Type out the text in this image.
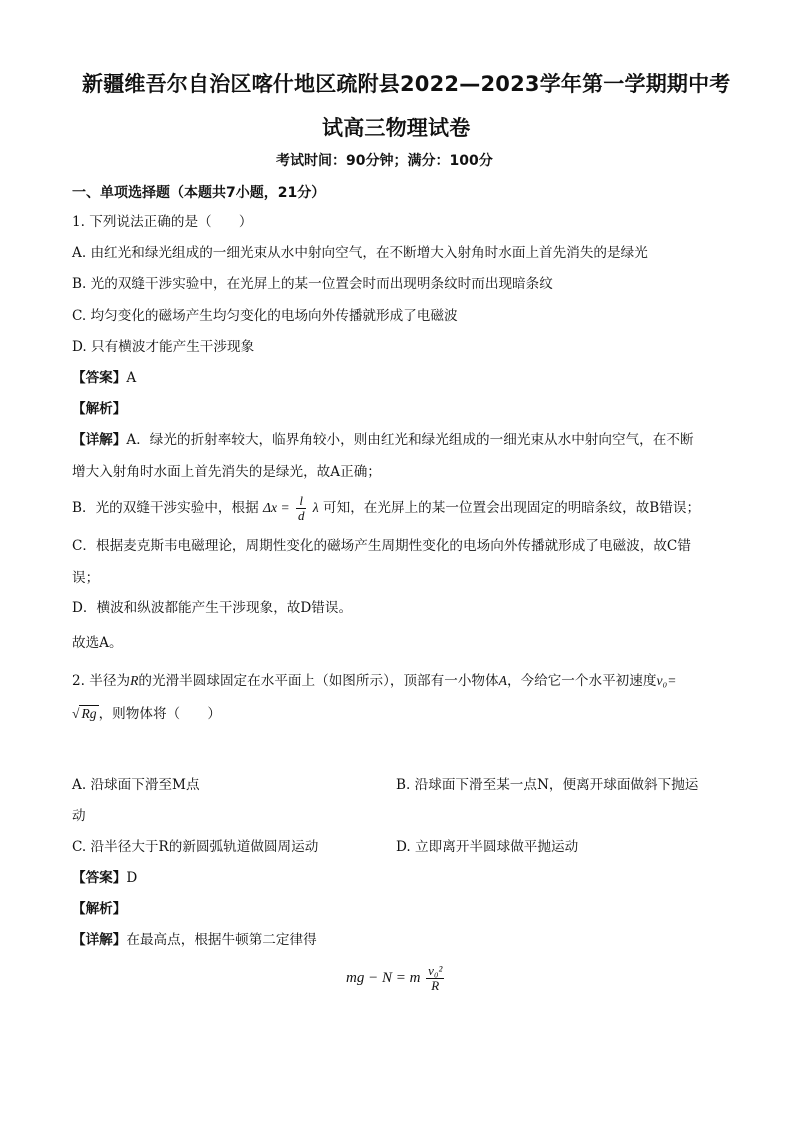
新疆维吾尔自治区喀什地区疏附县2022—2023学年第一学期期中考
试高三物理试卷
考试时间：90分钟；满分：100分
一、单项选择题（本题共7小题，21分）
1. 下列说法正确的是（　　）
A. 由红光和绿光组成的一细光束从水中射向空气，在不断增大入射角时水面上首先消失的是绿光
B. 光的双缝干涉实验中，在光屏上的某一位置会时而出现明条纹时而出现暗条纹
C. 均匀变化的磁场产生均匀变化的电场向外传播就形成了电磁波
D. 只有横波才能产生干涉现象
【答案】A
【解析】
【详解】A．绿光的折射率较大，临界角较小，则由红光和绿光组成的一细光束从水中射向空气，在不断
增大入射角时水面上首先消失的是绿光，故A正确；
B．光的双缝干涉实验中，根据 $\Delta x = \frac{l}{d}$ λ 可知，在光屏上的某一位置会出现固定的明暗条纹，故B错误；
C．根据麦克斯韦电磁理论，周期性变化的磁场产生周期性变化的电场向外传播就形成了电磁波，故C错
误；
D．横波和纵波都能产生干涉现象，故D错误。
故选A。
2. 半径为R的光滑半圆球固定在水平面上（如图所示），顶部有一小物体A，今给它一个水平初速度v₀=
√ Rg ，则物体将（　　）
A. 沿球面下滑至M点	B. 沿球面下滑至某一点N，便离开球面做斜下抛运
动
C. 沿半径大于R的新圆弧轨道做圆周运动	D. 立即离开半圆球做平抛运动
【答案】D
【解析】
【详解】在最高点，根据牛顿第二定律得
mg − N = m $\frac{\text{v₀²}}{R}$
